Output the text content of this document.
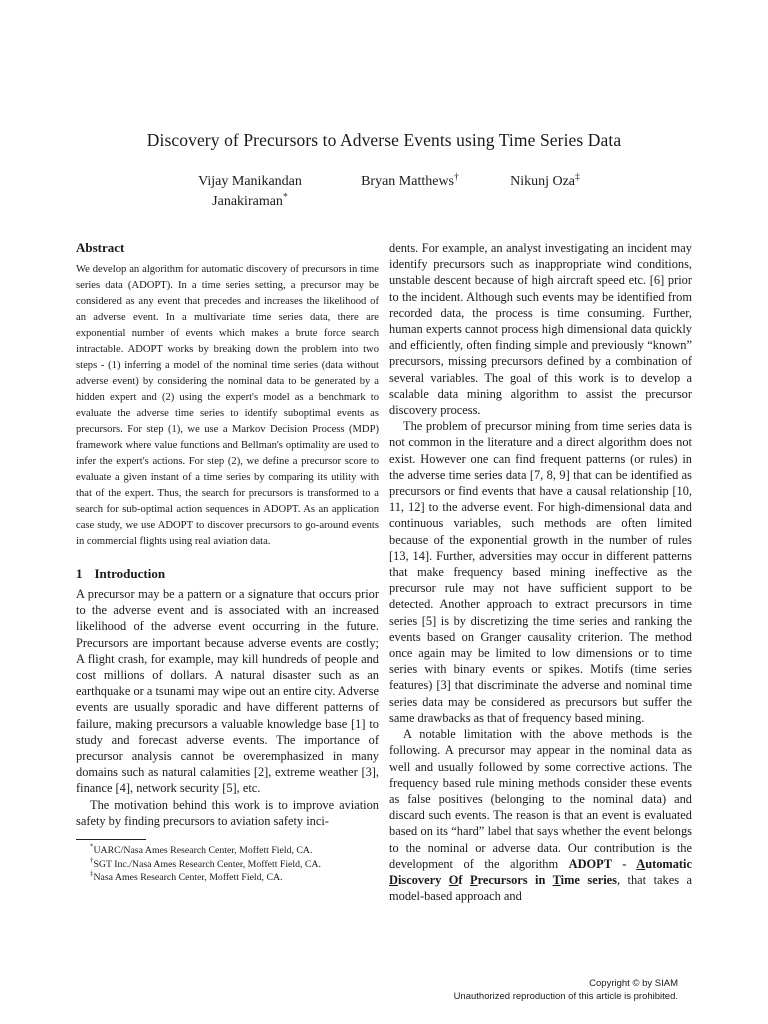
Discovery of Precursors to Adverse Events using Time Series Data
Vijay Manikandan
Janakiraman*
Bryan Matthews†	Nikunj Oza‡
Abstract

We develop an algorithm for automatic discovery of precursors in time series data (ADOPT). In a time series setting, a precursor may be considered as any event that precedes and increases the likelihood of an adverse event. In a multivariate time series data, there are exponential number of events which makes a brute force search intractable. ADOPT works by breaking down the problem into two steps - (1) inferring a model of the nominal time series (data without adverse event) by considering the nominal data to be generated by a hidden expert and (2) using the expert's model as a benchmark to evaluate the adverse time series to identify suboptimal events as precursors. For step (1), we use a Markov Decision Process (MDP) framework where value functions and Bellman's optimality are used to infer the expert's actions. For step (2), we define a precursor score to evaluate a given instant of a time series by comparing its utility with that of the expert. Thus, the search for precursors is transformed to a search for sub-optimal action sequences in ADOPT. As an application case study, we use ADOPT to discover precursors to go-around events in commercial flights using real aviation data.

1 Introduction

A precursor may be a pattern or a signature that occurs prior to the adverse event and is associated with an increased likelihood of the adverse event occurring in the future. Precursors are important because adverse events are costly; A flight crash, for example, may kill hundreds of people and cost millions of dollars. A natural disaster such as an earthquake or a tsunami may wipe out an entire city. Adverse events are usually sporadic and have different patterns of failure, making precursors a valuable knowledge base [1] to study and forecast adverse events. The importance of precursor analysis cannot be overemphasized in many domains such as natural calamities [2], extreme weather [3], finance [4], network security [5], etc.

The motivation behind this work is to improve aviation safety by finding precursors to aviation safety inci-

*UARC/Nasa Ames Research Center, Moffett Field, CA.
†SGT Inc./Nasa Ames Research Center, Moffett Field, CA.
‡Nasa Ames Research Center, Moffett Field, CA.

dents. For example, an analyst investigating an incident may identify precursors such as inappropriate wind conditions, unstable descent because of high aircraft speed etc. [6] prior to the incident. Although such events may be identified from recorded data, the process is time consuming. Further, human experts cannot process high dimensional data quickly and efficiently, often finding simple and previously “known” precursors, missing precursors defined by a combination of several variables. The goal of this work is to develop a scalable data mining algorithm to assist the precursor discovery process.

The problem of precursor mining from time series data is not common in the literature and a direct algorithm does not exist. However one can find frequent patterns (or rules) in the adverse time series data [7, 8, 9] that can be identified as precursors or find events that have a causal relationship [10, 11, 12] to the adverse event. For high-dimensional data and continuous variables, such methods are often limited because of the exponential growth in the number of rules [13, 14]. Further, adversities may occur in different patterns that make frequency based mining ineffective as the precursor rule may not have sufficient support to be detected. Another approach to extract precursors in time series [5] is by discretizing the time series and ranking the events based on Granger causality criterion. The method once again may be limited to low dimensions or to time series with binary events or spikes. Motifs (time series features) [3] that discriminate the adverse and nominal time series data may be considered as precursors but suffer the same drawbacks as that of frequency based mining.

A notable limitation with the above methods is the following. A precursor may appear in the nominal data as well and usually followed by some corrective actions. The frequency based rule mining methods consider these events as false positives (belonging to the nominal data) and discard such events. The reason is that an event is evaluated based on its “hard” label that says whether the event belongs to the nominal or adverse data. Our contribution is the development of the algorithm ADOPT - Automatic Discovery Of Precursors in Time series, that takes a model-based approach and

Copyright © by SIAM
Unauthorized reproduction of this article is prohibited.
